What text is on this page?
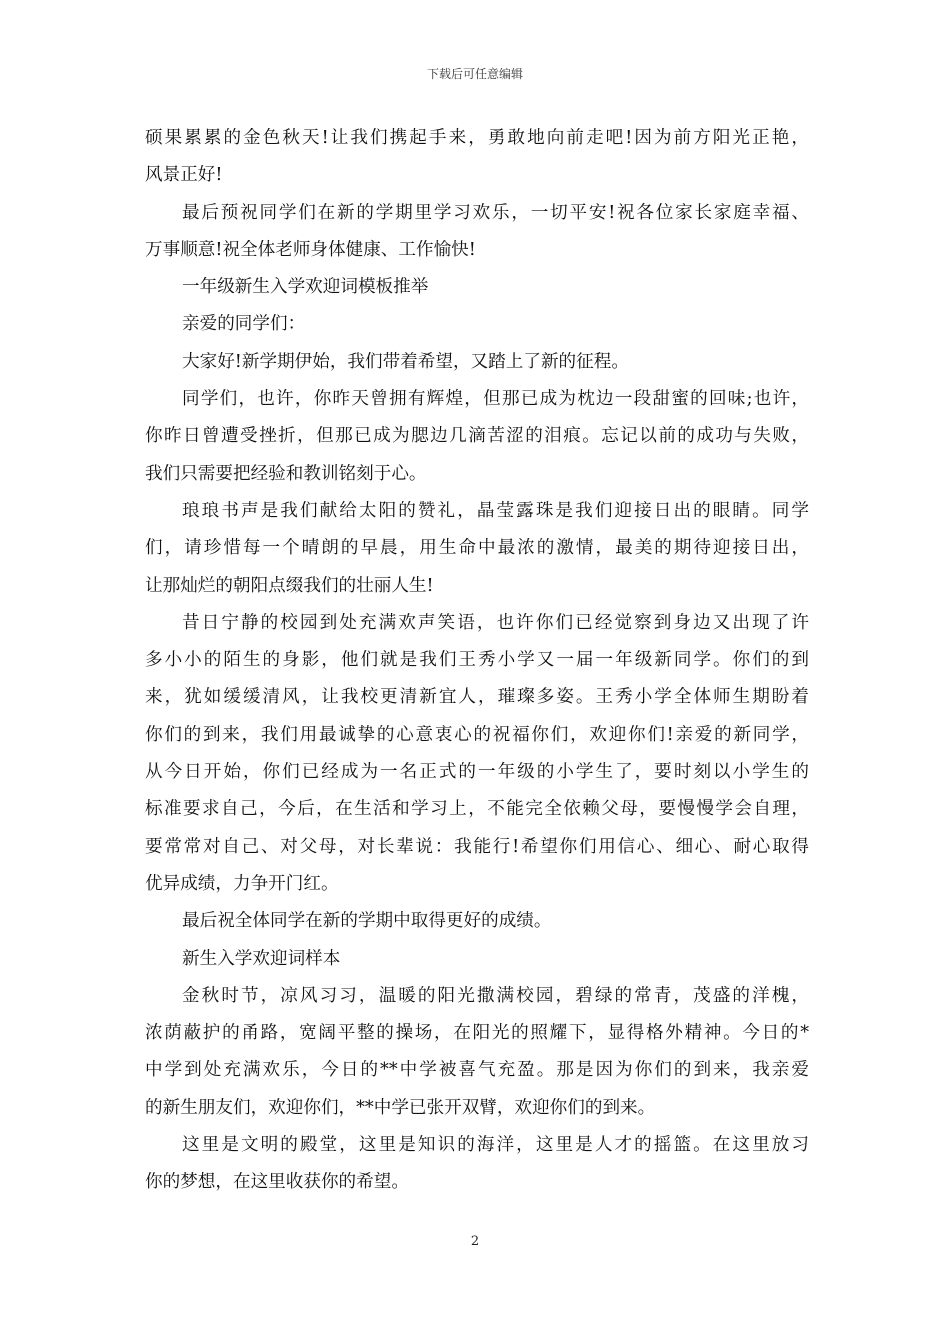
下载后可任意编辑
硕果累累的金色秋天!让我们携起手来，勇敢地向前走吧!因为前方阳光正艳，
风景正好!
最后预祝同学们在新的学期里学习欢乐，一切平安!祝各位家长家庭幸福、
万事顺意!祝全体老师身体健康、工作愉快!
一年级新生入学欢迎词模板推举
亲爱的同学们：
大家好!新学期伊始，我们带着希望，又踏上了新的征程。
同学们，也许，你昨天曾拥有辉煌，但那已成为枕边一段甜蜜的回味;也许，
你昨日曾遭受挫折，但那已成为腮边几滴苦涩的泪痕。忘记以前的成功与失败，
我们只需要把经验和教训铭刻于心。
琅琅书声是我们献给太阳的赞礼，晶莹露珠是我们迎接日出的眼睛。同学
们，请珍惜每一个晴朗的早晨，用生命中最浓的激情，最美的期待迎接日出，
让那灿烂的朝阳点缀我们的壮丽人生!
昔日宁静的校园到处充满欢声笑语，也许你们已经觉察到身边又出现了许
多小小的陌生的身影，他们就是我们王秀小学又一届一年级新同学。你们的到
来，犹如缓缓清风，让我校更清新宜人，璀璨多姿。王秀小学全体师生期盼着
你们的到来，我们用最诚挚的心意衷心的祝福你们，欢迎你们!亲爱的新同学，
从今日开始，你们已经成为一名正式的一年级的小学生了，要时刻以小学生的
标准要求自己，今后，在生活和学习上，不能完全依赖父母，要慢慢学会自理，
要常常对自己、对父母，对长辈说：我能行!希望你们用信心、细心、耐心取得
优异成绩，力争开门红。
最后祝全体同学在新的学期中取得更好的成绩。
新生入学欢迎词样本
金秋时节，凉风习习，温暖的阳光撒满校园，碧绿的常青，茂盛的洋槐，
浓荫蔽护的甬路，宽阔平整的操场，在阳光的照耀下，显得格外精神。今日的*
中学到处充满欢乐，今日的**中学被喜气充盈。那是因为你们的到来，我亲爱
的新生朋友们，欢迎你们，**中学已张开双臂，欢迎你们的到来。
这里是文明的殿堂，这里是知识的海洋，这里是人才的摇篮。在这里放习
你的梦想，在这里收获你的希望。
2
